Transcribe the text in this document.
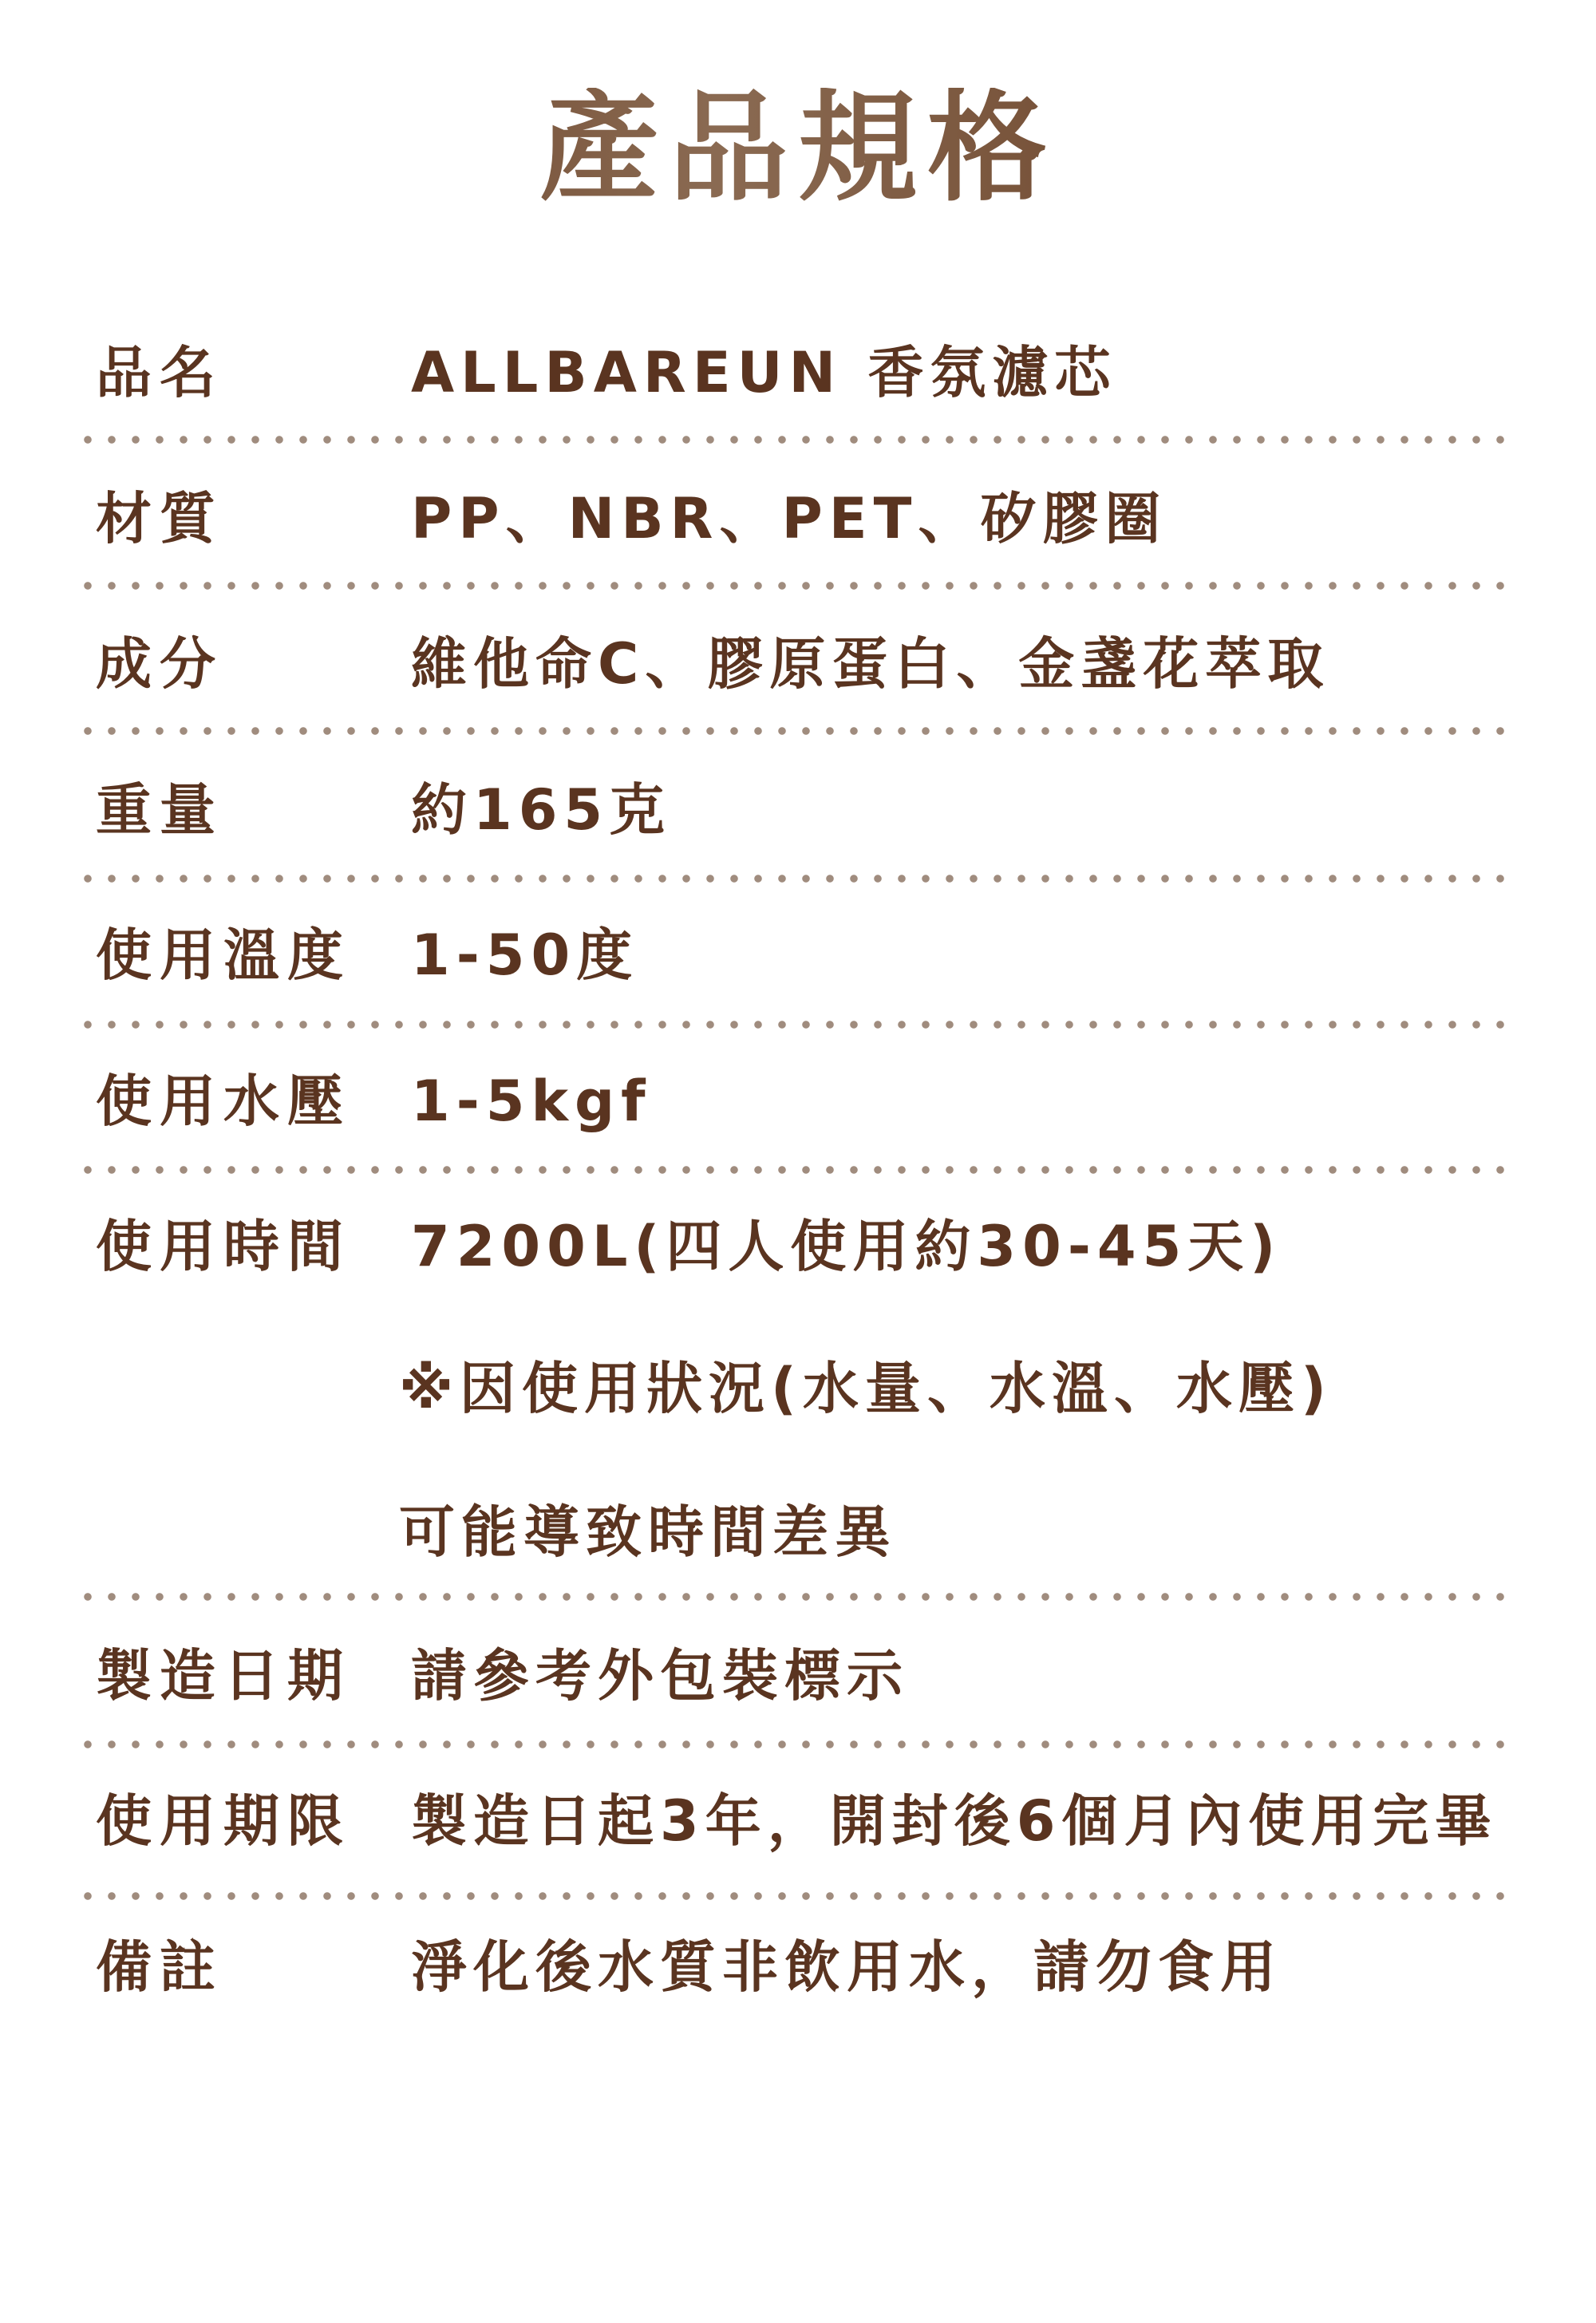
產品規格
品名	ALLBAREUN 香氛濾芯
材質	PP、NBR、PET、矽膠圈
成分	維他命C、膠原蛋白、金盞花萃取
重量	約165克
使用溫度 1-50度
使用水壓 1-5kgf
使用時間 7200L(四人使用約30-45天)
※因使用狀況(水量、水溫、水壓)
可能導致時間差異
製造日期 請參考外包裝標示
使用期限 製造日起3年，開封後6個月內使用完畢
備註	淨化後水質非飲用水，請勿食用
